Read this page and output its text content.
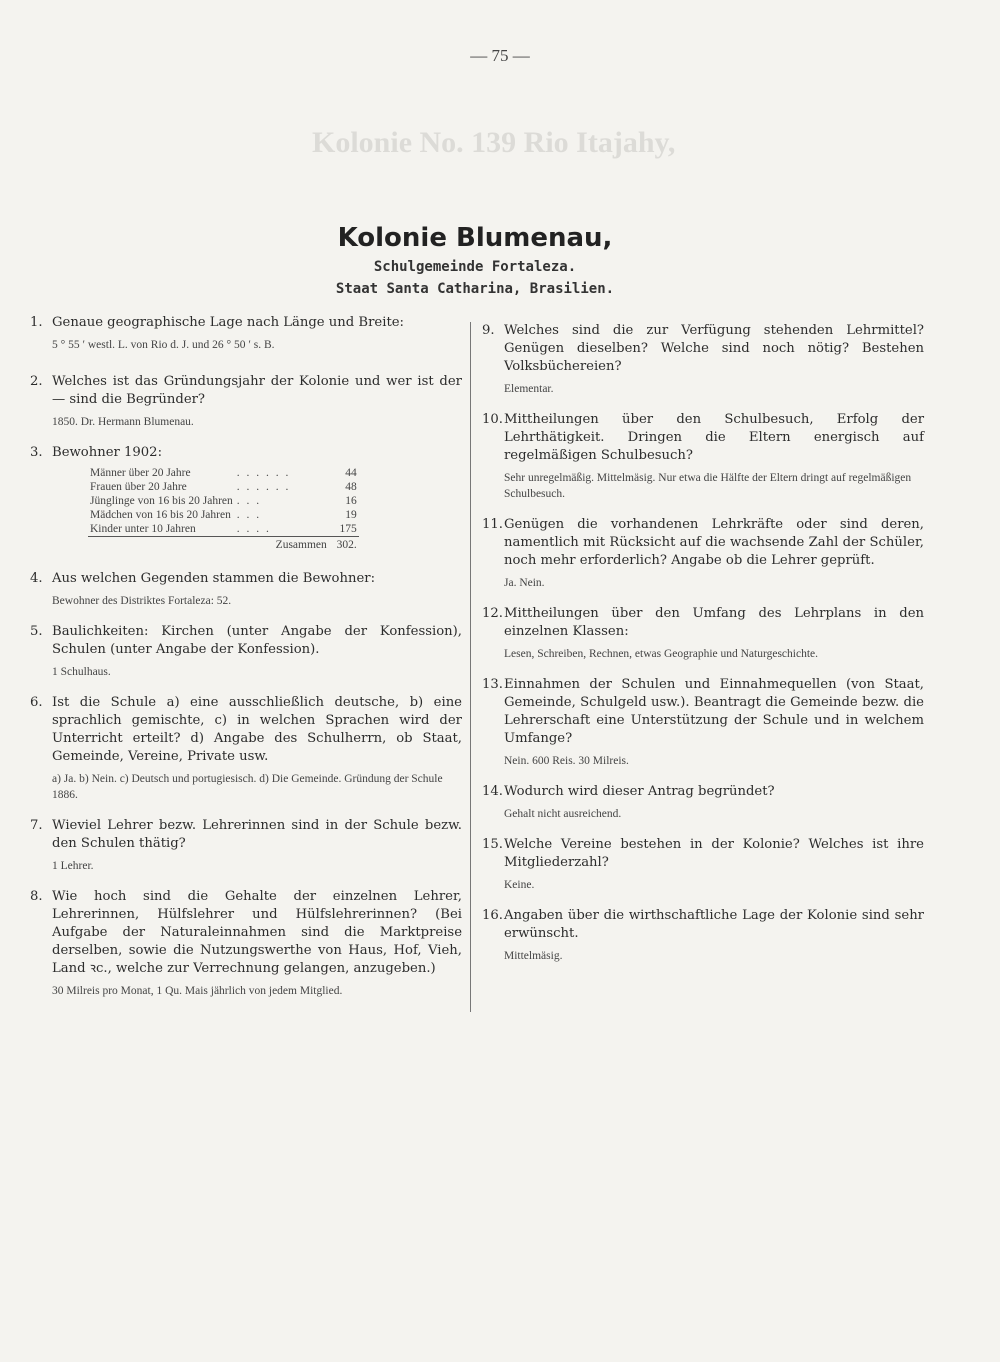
Kolonie No. 139 Rio Itajahy,
— 75 —
Kolonie Blumenau,
Schulgemeinde Fortaleza.
Staat Santa Catharina, Brasilien.
1. Genaue geographische Lage nach Länge und Breite:
5 ° 55 ′ westl. L. von Rio d. J. und 26 ° 50 ′ s. B.
2. Welches ist das Gründungsjahr der Kolonie und wer ist der — sind die Begründer?
1850. Dr. Hermann Blumenau.
3. Bewohner 1902:
Männer über 20 Jahre	. . . . . .	44
Frauen über 20 Jahre	. . . . . .	48
Jünglinge von 16 bis 20 Jahren	. . .	16
Mädchen von 16 bis 20 Jahren	. . .	19
Kinder unter 10 Jahren	. . . .	175
	Zusammen	302.
4. Aus welchen Gegenden stammen die Bewohner:
Bewohner des Distriktes Fortaleza: 52.
5. Baulichkeiten: Kirchen (unter Angabe der Konfession), Schulen (unter Angabe der Konfession).
1 Schulhaus.
6. Ist die Schule a) eine ausschließlich deutsche, b) eine sprachlich gemischte, c) in welchen Sprachen wird der Unterricht erteilt? d) Angabe des Schulherrn, ob Staat, Gemeinde, Vereine, Private usw.
a) Ja. b) Nein. c) Deutsch und portugiesisch. d) Die Gemeinde. Gründung der Schule 1886.
7. Wieviel Lehrer bezw. Lehrerinnen sind in der Schule bezw. den Schulen thätig?
1 Lehrer.
8. Wie hoch sind die Gehalte der einzelnen Lehrer, Lehrerinnen, Hülfslehrer und Hülfslehrerinnen? (Bei Aufgabe der Naturaleinnahmen sind die Marktpreise derselben, sowie die Nutzungswerthe von Haus, Hof, Vieh, Land ꝛc., welche zur Verrechnung gelangen, anzugeben.)
30 Milreis pro Monat, 1 Qu. Mais jährlich von jedem Mitglied.
9. Welches sind die zur Verfügung stehenden Lehrmittel? Genügen dieselben? Welche sind noch nötig? Bestehen Volksbüchereien?
Elementar.
10. Mittheilungen über den Schulbesuch, Erfolg der Lehrthätigkeit. Dringen die Eltern energisch auf regelmäßigen Schulbesuch?
Sehr unregelmäßig. Mittelmäsig. Nur etwa die Hälfte der Eltern dringt auf regelmäßigen Schulbesuch.
11. Genügen die vorhandenen Lehrkräfte oder sind deren, namentlich mit Rücksicht auf die wachsende Zahl der Schüler, noch mehr erforderlich? Angabe ob die Lehrer geprüft.
Ja. Nein.
12. Mittheilungen über den Umfang des Lehrplans in den einzelnen Klassen:
Lesen, Schreiben, Rechnen, etwas Geographie und Naturgeschichte.
13. Einnahmen der Schulen und Einnahmequellen (von Staat, Gemeinde, Schulgeld usw.). Beantragt die Gemeinde bezw. die Lehrerschaft eine Unterstützung der Schule und in welchem Umfange?
Nein. 600 Reis. 30 Milreis.
14. Wodurch wird dieser Antrag begründet?
Gehalt nicht ausreichend.
15. Welche Vereine bestehen in der Kolonie? Welches ist ihre Mitgliederzahl?
Keine.
16. Angaben über die wirthschaftliche Lage der Kolonie sind sehr erwünscht.
Mittelmäsig.
